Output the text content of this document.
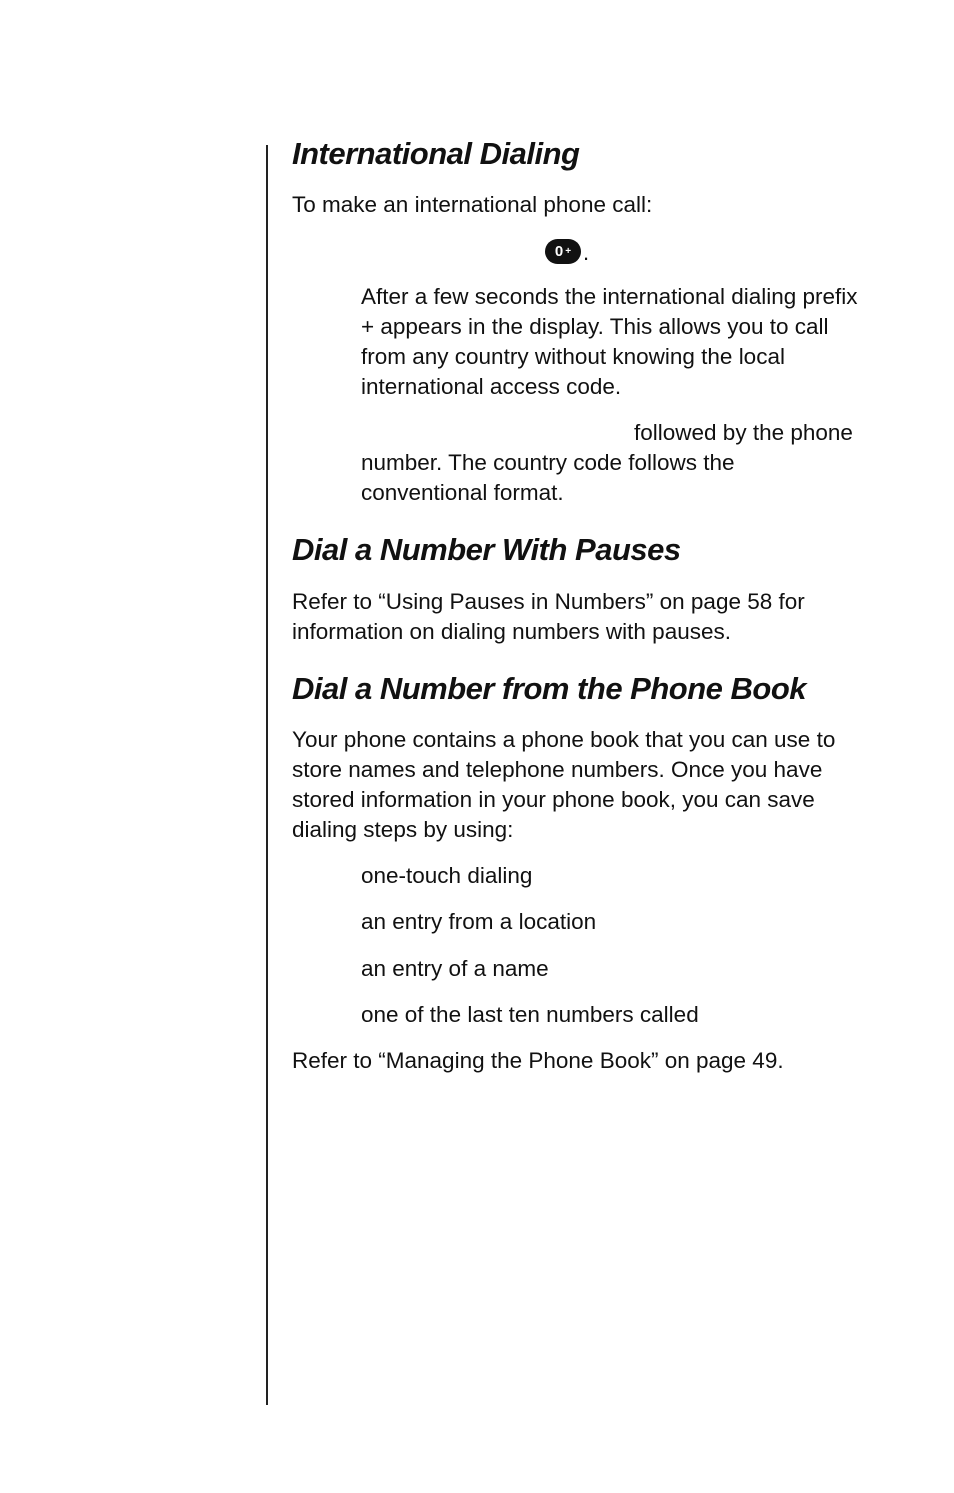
International Dialing

To make an international phone call:

0 + .

After a few seconds the international dialing prefix + appears in the display. This allows you to call from any country without knowing the local international access code.

followed by the phone number. The country code follows the conventional format.

Dial a Number With Pauses

Refer to “Using Pauses in Numbers” on page 58 for information on dialing numbers with pauses.

Dial a Number from the Phone Book

Your phone contains a phone book that you can use to store names and telephone numbers. Once you have stored information in your phone book, you can save dialing steps by using:

one-touch dialing

an entry from a location

an entry of a name

one of the last ten numbers called

Refer to “Managing the Phone Book” on page 49.
